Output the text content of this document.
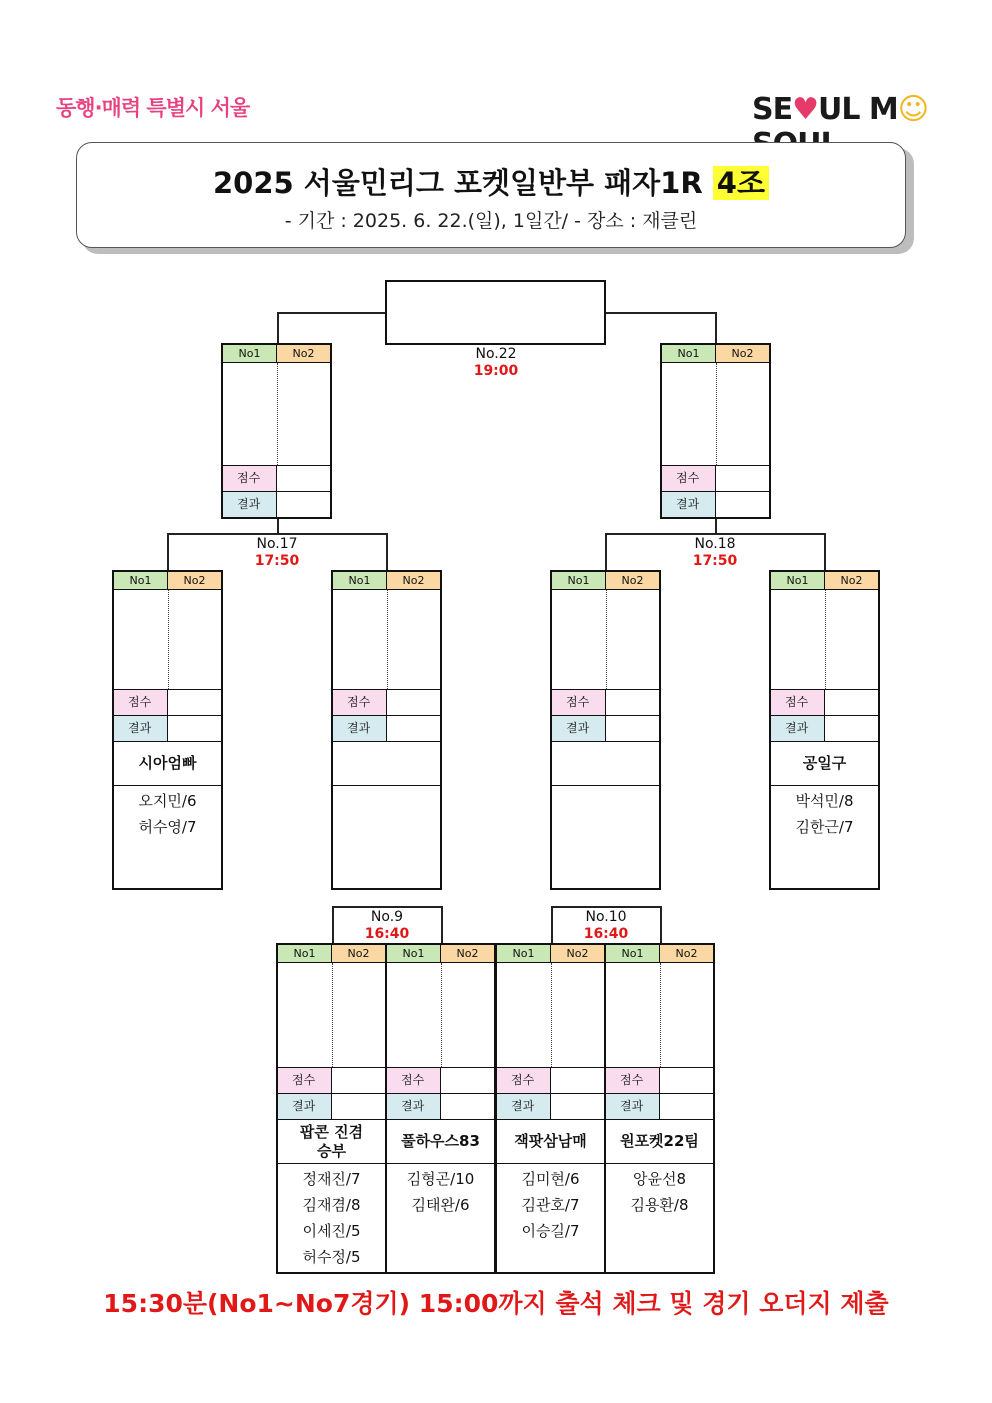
동행·매력 특별시 서울	SE♥UL M☺
2025 서울민리그 포켓일반부 패자1R 4조
- 기간 : 2025. 6. 22.(일), 1일간/ - 장소 : 재클린
No.22
19:00
No.17
17:50
No.18
17:50
No.9
16:40
No.10
16:40
No1	No2
점수
결과
No1	No2
점수
결과
No1	No2
점수
결과
시아엄빠
오지민/6
허수영/7
No1	No2
점수
결과
No1	No2
점수
결과
No1	No2
점수
결과
공일구
박석민/8
김한근/7
No1	No2
점수
결과
팝콘 진겸승부
정재진/7
김재겸/8
이세진/5
허수정/5
No1	No2
점수
결과
풀하우스83
김형곤/10
김태완/6
No1	No2
점수
결과
잭팟삼남매
김미현/6
김관호/7
이승길/7
No1	No2
점수
결과
원포켓22팀
앙윤선8
김용환/8
15:30분(No1~No7경기) 15:00까지 출석 체크 및 경기 오더지 제출
